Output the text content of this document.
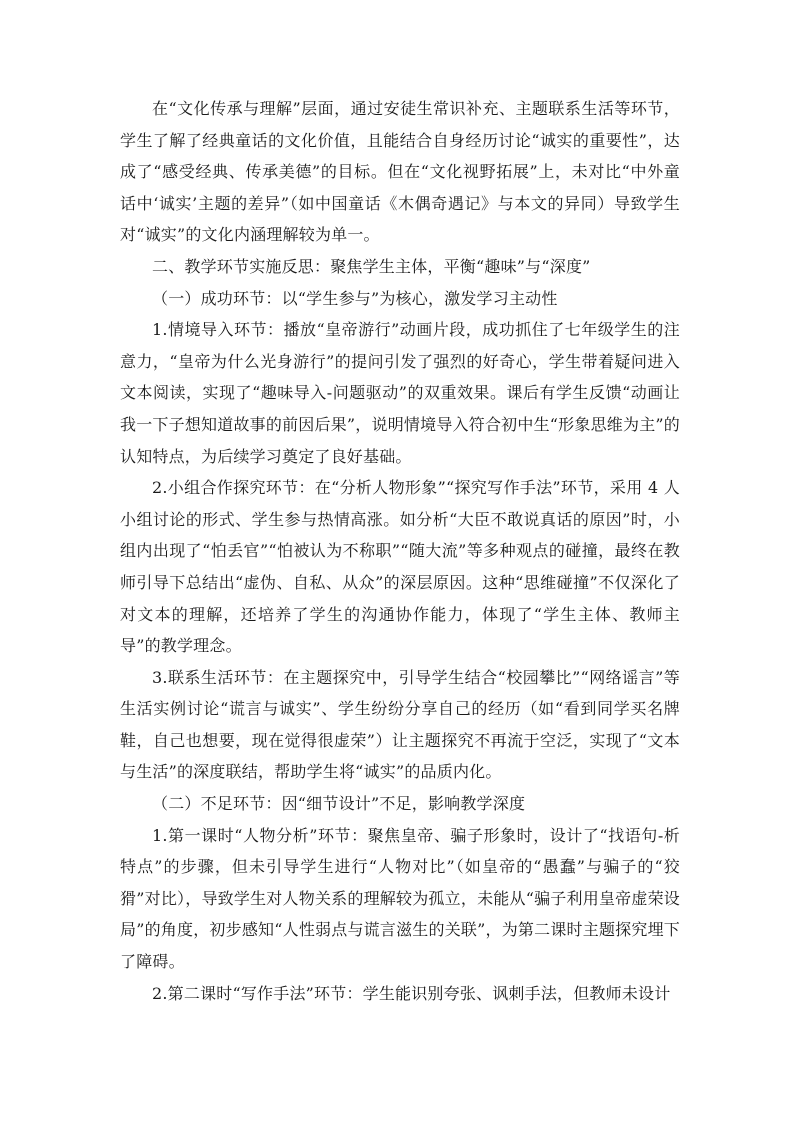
在“文化传承与理解”层面，通过安徒生常识补充、主题联系生活等环节，学生了解了经典童话的文化价值，且能结合自身经历讨论“诚实的重要性”，达成了“感受经典、传承美德”的目标。但在“文化视野拓展”上，未对比“中外童话中‘诚实’主题的差异”（如中国童话《木偶奇遇记》与本文的异同）导致学生对“诚实”的文化内涵理解较为单一。

二、教学环节实施反思：聚焦学生主体，平衡“趣味”与“深度”

（一）成功环节：以“学生参与”为核心，激发学习主动性

1.情境导入环节：播放“皇帝游行”动画片段，成功抓住了七年级学生的注意力，“皇帝为什么光身游行”的提问引发了强烈的好奇心，学生带着疑问进入文本阅读，实现了“趣味导入-问题驱动”的双重效果。课后有学生反馈“动画让我一下子想知道故事的前因后果”，说明情境导入符合初中生“形象思维为主”的认知特点，为后续学习奠定了良好基础。

2.小组合作探究环节：在“分析人物形象”“探究写作手法”环节，采用 4 人小组讨论的形式、学生参与热情高涨。如分析“大臣不敢说真话的原因”时，小组内出现了“怕丢官”“怕被认为不称职”“随大流”等多种观点的碰撞，最终在教师引导下总结出“虚伪、自私、从众”的深层原因。这种“思维碰撞”不仅深化了对文本的理解，还培养了学生的沟通协作能力，体现了“学生主体、教师主导”的教学理念。

3.联系生活环节：在主题探究中，引导学生结合“校园攀比”“网络谣言”等生活实例讨论“谎言与诚实”、学生纷纷分享自己的经历（如“看到同学买名牌鞋，自己也想要，现在觉得很虚荣”）让主题探究不再流于空泛，实现了“文本与生活”的深度联结，帮助学生将“诚实”的品质内化。

（二）不足环节：因“细节设计”不足，影响教学深度

1.第一课时“人物分析”环节：聚焦皇帝、骗子形象时，设计了“找语句-析特点”的步骤，但未引导学生进行“人物对比”（如皇帝的“愚蠢”与骗子的“狡猾”对比），导致学生对人物关系的理解较为孤立，未能从“骗子利用皇帝虚荣设局”的角度，初步感知“人性弱点与谎言滋生的关联”，为第二课时主题探究埋下了障碍。

2.第二课时“写作手法”环节：学生能识别夸张、讽刺手法，但教师未设计
